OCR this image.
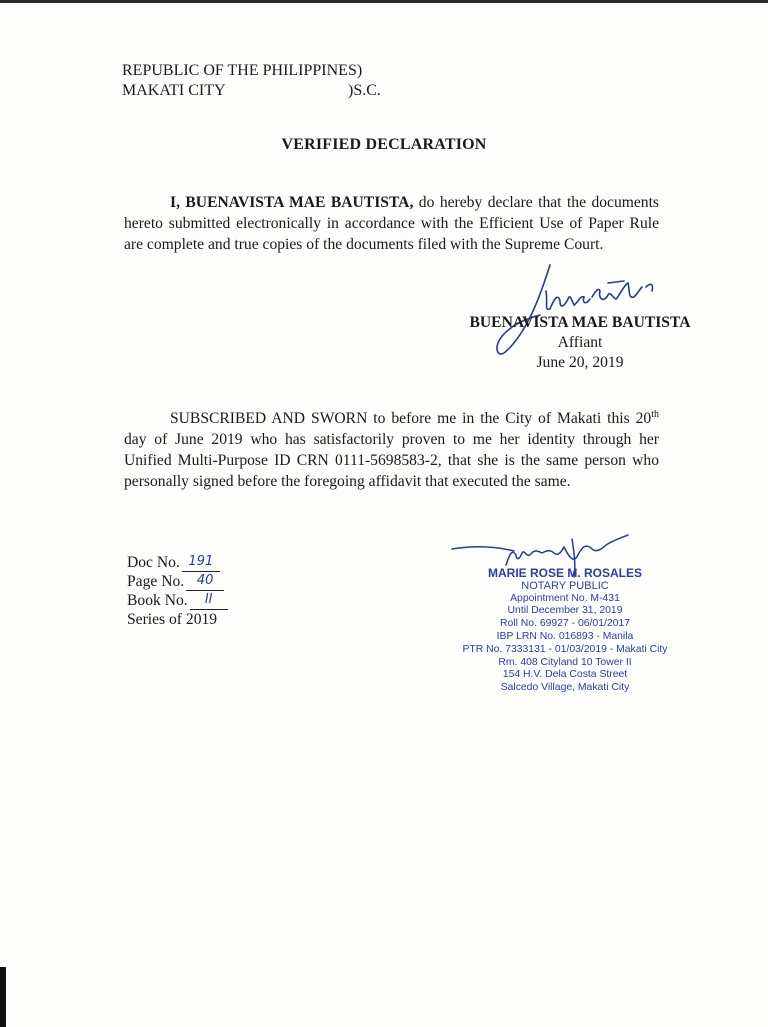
REPUBLIC OF THE PHILIPPINES)
MAKATI CITY	)S.C.
VERIFIED DECLARATION
I, BUENAVISTA MAE BAUTISTA, do hereby declare that the documents
hereto submitted electronically in accordance with the Efficient Use of Paper Rule
are complete and true copies of the documents filed with the Supreme Court.
BUENAVISTA MAE BAUTISTA
Affiant
June 20, 2019
SUBSCRIBED AND SWORN to before me in the City of Makati this 20th
day of June 2019 who has satisfactorily proven to me her identity through her
Unified Multi-Purpose ID CRN 0111-5698583-2, that she is the same person who
personally signed before the foregoing affidavit that executed the same.
Doc No. 191
Page No. 40
Book No.	II
Series of 2019
MARIE ROSE M. ROSALES
NOTARY PUBLIC
Appointment No. M-431
Until December 31, 2019
Roll No. 69927 - 06/01/2017
IBP LRN No. 016893 - Manila
PTR No. 7333131 - 01/03/2019 - Makati City
Rm. 408 Cityland 10 Tower II
154 H.V. Dela Costa Street
Salcedo Village, Makati City
